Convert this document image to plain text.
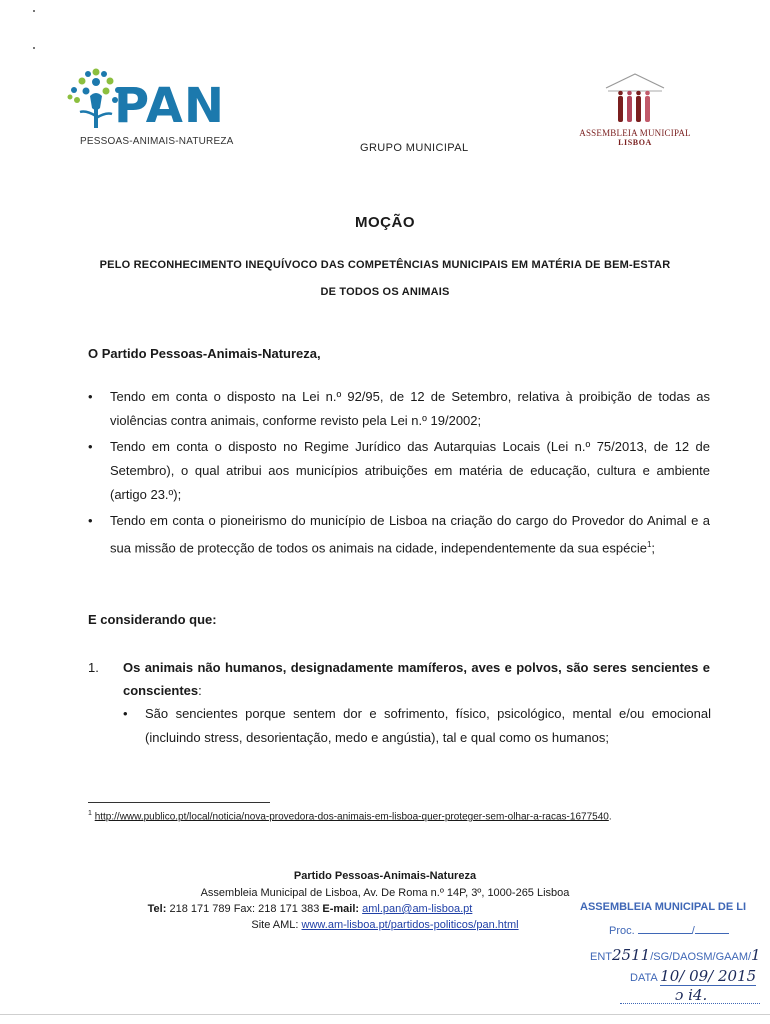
PAN
PESSOAS-ANIMAIS-NATUREZA
GRUPO MUNICIPAL
ASSEMBLEIA MUNICIPAL
LISBOA
MOÇÃO
PELO RECONHECIMENTO INEQUÍVOCO DAS COMPETÊNCIAS MUNICIPAIS EM MATÉRIA DE BEM-ESTAR
DE TODOS OS ANIMAIS
O Partido Pessoas-Animais-Natureza,
• Tendo em conta o disposto na Lei n.º 92/95, de 12 de Setembro, relativa à proibição de todas as violências contra animais, conforme revisto pela Lei n.º 19/2002;
• Tendo em conta o disposto no Regime Jurídico das Autarquias Locais (Lei n.º 75/2013, de 12 de Setembro), o qual atribui aos municípios atribuições em matéria de educação, cultura e ambiente (artigo 23.º);
• Tendo em conta o pioneirismo do município de Lisboa na criação do cargo do Provedor do Animal e a sua missão de protecção de todos os animais na cidade, independentemente da sua espécie$^1$;
E considerando que:
1. Os animais não humanos, designadamente mamíferos, aves e polvos, são seres sencientes e conscientes:
• São sencientes porque sentem dor e sofrimento, físico, psicológico, mental e/ou emocional (incluindo stress, desorientação, medo e angústia), tal e qual como os humanos;
$^1$ http://www.publico.pt/local/noticia/nova-provedora-dos-animais-em-lisboa-quer-proteger-sem-olhar-a-racas-1677540.
Partido Pessoas-Animais-Natureza
Assembleia Municipal de Lisboa, Av. De Roma n.º 14P, 3º, 1000-265 Lisboa
Tel: 218 171 789 Fax: 218 171 383 E-mail: aml.pan@am-lisboa.pt
Site AML: www.am-lisboa.pt/partidos-politicos/pan.html
ASSEMBLEIA MUNICIPAL DE LI
Proc.	/
ENT2511/SG/DAOSM/GAAM/1
DATA 10/ 09/ 2015
ɔ i4.
